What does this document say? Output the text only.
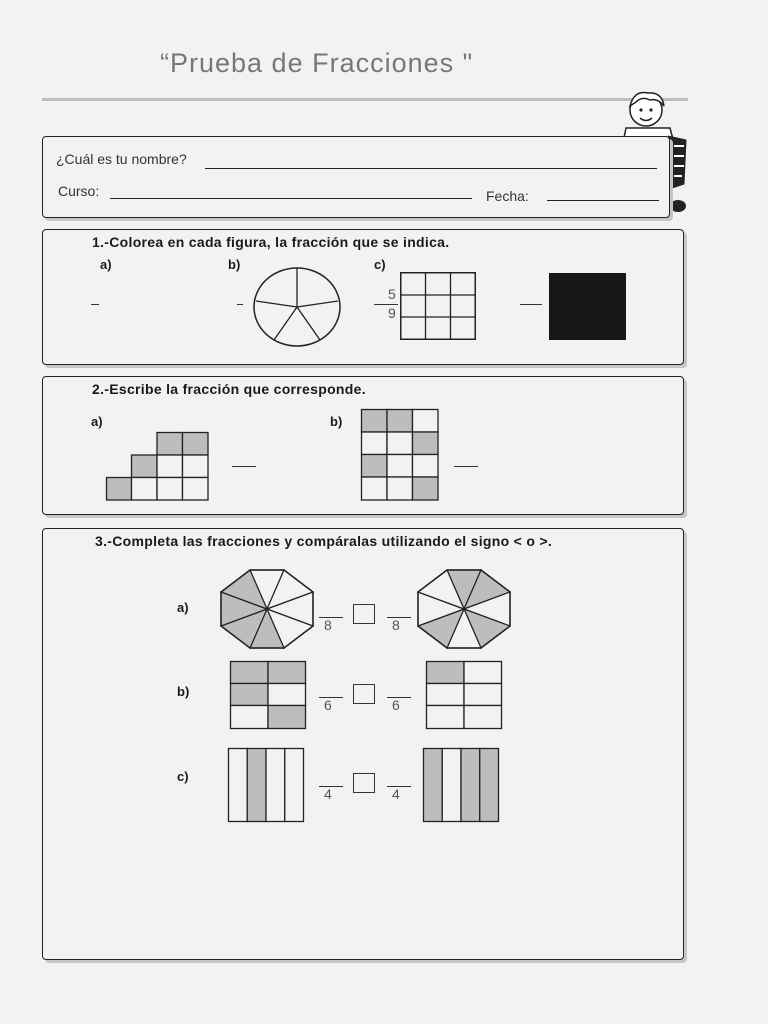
“Prueba de Fracciones "
¿Cuál es tu nombre?
Curso:	Fecha:
1.-Colorea en cada figura, la fracción que se indica.
a)	b)	c)
5
9
2.-Escribe la fracción que corresponde.
a)	b)
3.-Completa las fracciones y compáralas utilizando el signo < o >.
a)
8	8
b)
6	6
c)
4	4
